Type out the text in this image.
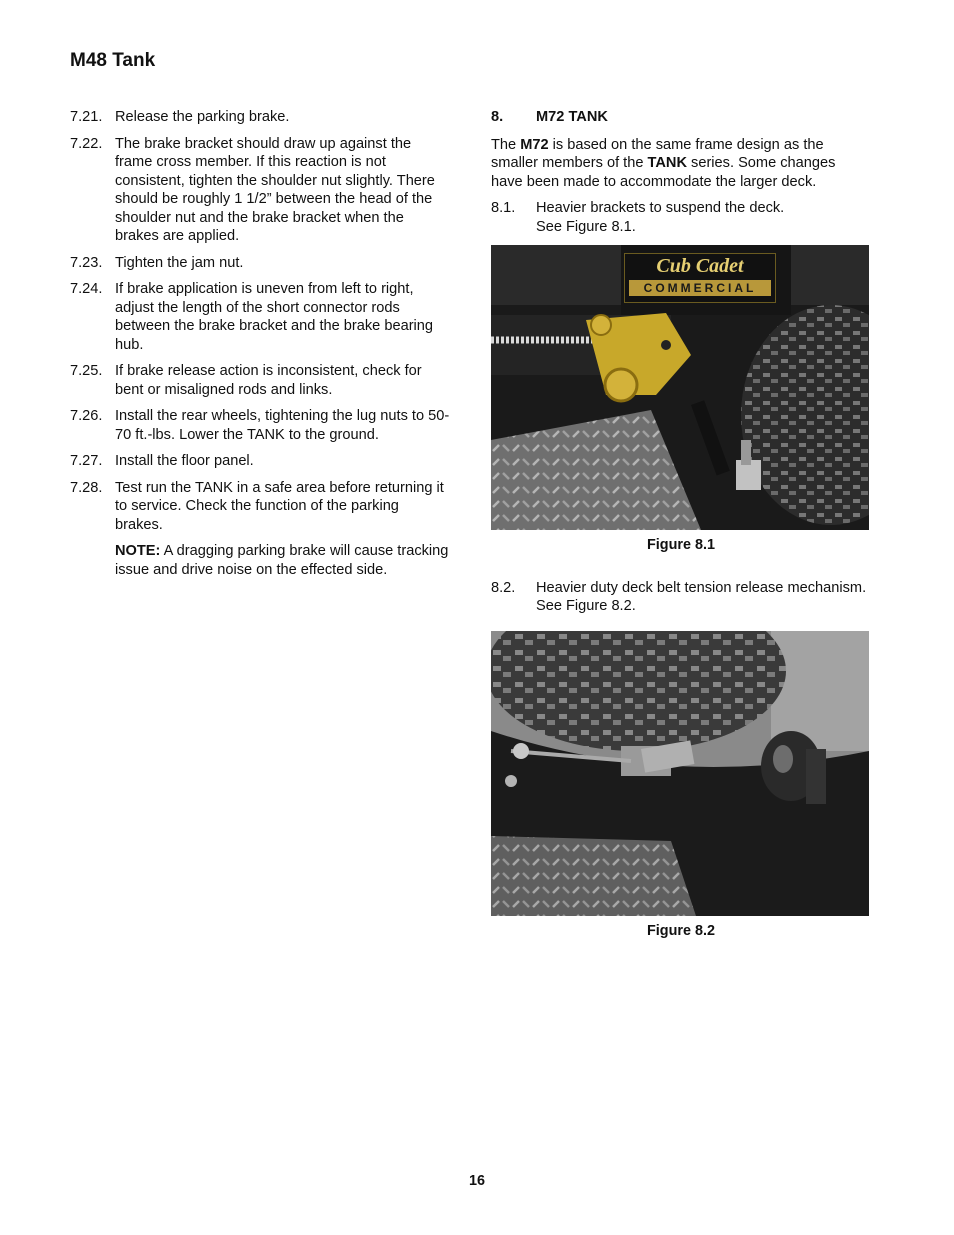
M48 Tank
7.21. Release the parking brake.
7.22. The brake bracket should draw up against the frame cross member. If this reaction is not consistent, tighten the shoulder nut slightly. There should be roughly 1 1/2” between the head of the shoulder nut and the brake bracket when the brakes are applied.
7.23. Tighten the jam nut.
7.24. If brake application is uneven from left to right, adjust the length of the short connector rods between the brake bracket and the brake bearing hub.
7.25. If brake release action is inconsistent, check for bent or misaligned rods and links.
7.26. Install the rear wheels, tightening the lug nuts to 50-70 ft.-lbs. Lower the TANK to the ground.
7.27. Install the floor panel.
7.28. Test run the TANK in a safe area before returning it to service. Check the function of the parking brakes.
NOTE: A dragging parking brake will cause tracking issue and drive noise on the effected side.
8.	M72 TANK
The M72 is based on the same frame design as the smaller members of the TANK series. Some changes have been made to accommodate the larger deck.
8.1.	Heavier brackets to suspend the deck.
See Figure 8.1.
Cub Cadet
COMMERCIAL
Figure 8.1
8.2.	Heavier duty deck belt tension release mechanism. See Figure 8.2.
Figure 8.2
16
